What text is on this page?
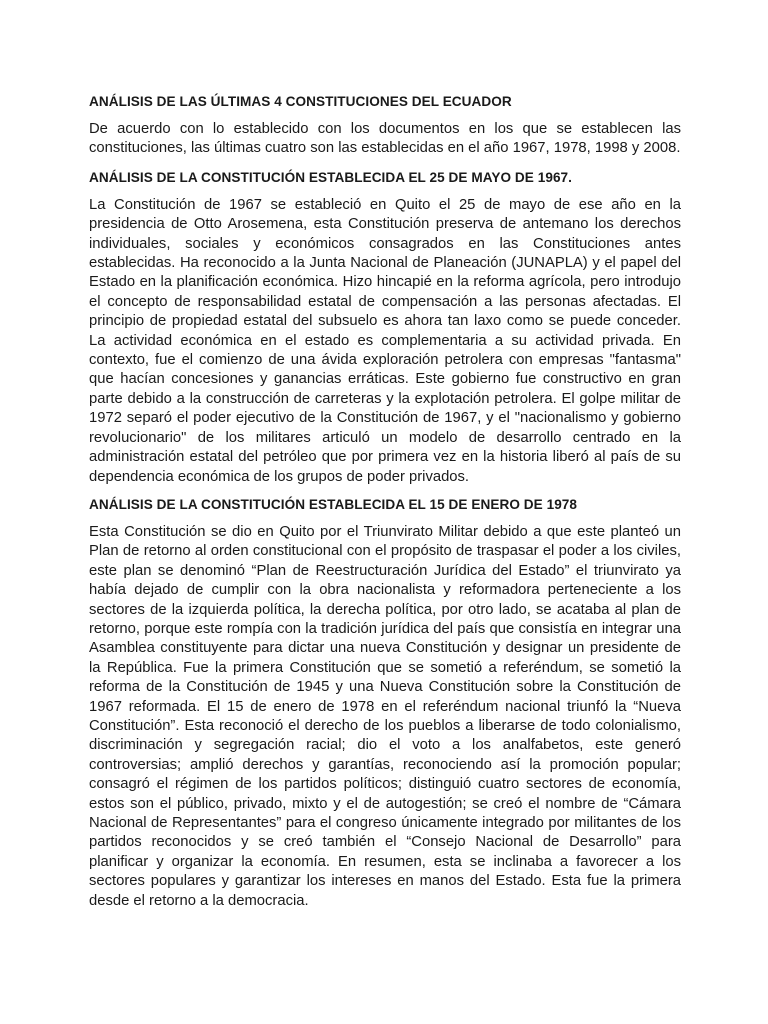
ANÁLISIS DE LAS ÚLTIMAS 4 CONSTITUCIONES DEL ECUADOR

De acuerdo con lo establecido con los documentos en los que se establecen las constituciones, las últimas cuatro son las establecidas en el año 1967, 1978, 1998 y 2008.

ANÁLISIS DE LA CONSTITUCIÓN ESTABLECIDA EL 25 DE MAYO DE 1967.

La Constitución de 1967 se estableció en Quito el 25 de mayo de ese año en la presidencia de Otto Arosemena, esta Constitución preserva de antemano los derechos individuales, sociales y económicos consagrados en las Constituciones antes establecidas. Ha reconocido a la Junta Nacional de Planeación (JUNAPLA) y el papel del Estado en la planificación económica. Hizo hincapié en la reforma agrícola, pero introdujo el concepto de responsabilidad estatal de compensación a las personas afectadas. El principio de propiedad estatal del subsuelo es ahora tan laxo como se puede conceder. La actividad económica en el estado es complementaria a su actividad privada. En contexto, fue el comienzo de una ávida exploración petrolera con empresas "fantasma" que hacían concesiones y ganancias erráticas. Este gobierno fue constructivo en gran parte debido a la construcción de carreteras y la explotación petrolera. El golpe militar de 1972 separó el poder ejecutivo de la Constitución de 1967, y el "nacionalismo y gobierno revolucionario" de los militares articuló un modelo de desarrollo centrado en la administración estatal del petróleo que por primera vez en la historia liberó al país de su dependencia económica de los grupos de poder privados.

ANÁLISIS DE LA CONSTITUCIÓN ESTABLECIDA EL 15 DE ENERO DE 1978

Esta Constitución se dio en Quito por el Triunvirato Militar debido a que este planteó un Plan de retorno al orden constitucional con el propósito de traspasar el poder a los civiles, este plan se denominó “Plan de Reestructuración Jurídica del Estado” el triunvirato ya había dejado de cumplir con la obra nacionalista y reformadora perteneciente a los sectores de la izquierda política, la derecha política, por otro lado, se acataba al plan de retorno, porque este rompía con la tradición jurídica del país que consistía en integrar una Asamblea constituyente para dictar una nueva Constitución y designar un presidente de la República. Fue la primera Constitución que se sometió a referéndum, se sometió la reforma de la Constitución de 1945 y una Nueva Constitución sobre la Constitución de 1967 reformada. El 15 de enero de 1978 en el referéndum nacional triunfó la “Nueva Constitución”. Esta reconoció el derecho de los pueblos a liberarse de todo colonialismo, discriminación y segregación racial; dio el voto a los analfabetos, este generó controversias; amplió derechos y garantías, reconociendo así la promoción popular; consagró el régimen de los partidos políticos; distinguió cuatro sectores de economía, estos son el público, privado, mixto y el de autogestión; se creó el nombre de “Cámara Nacional de Representantes” para el congreso únicamente integrado por militantes de los partidos reconocidos y se creó también el “Consejo Nacional de Desarrollo” para planificar y organizar la economía. En resumen, esta se inclinaba a favorecer a los sectores populares y garantizar los intereses en manos del Estado. Esta fue la primera desde el retorno a la democracia.
